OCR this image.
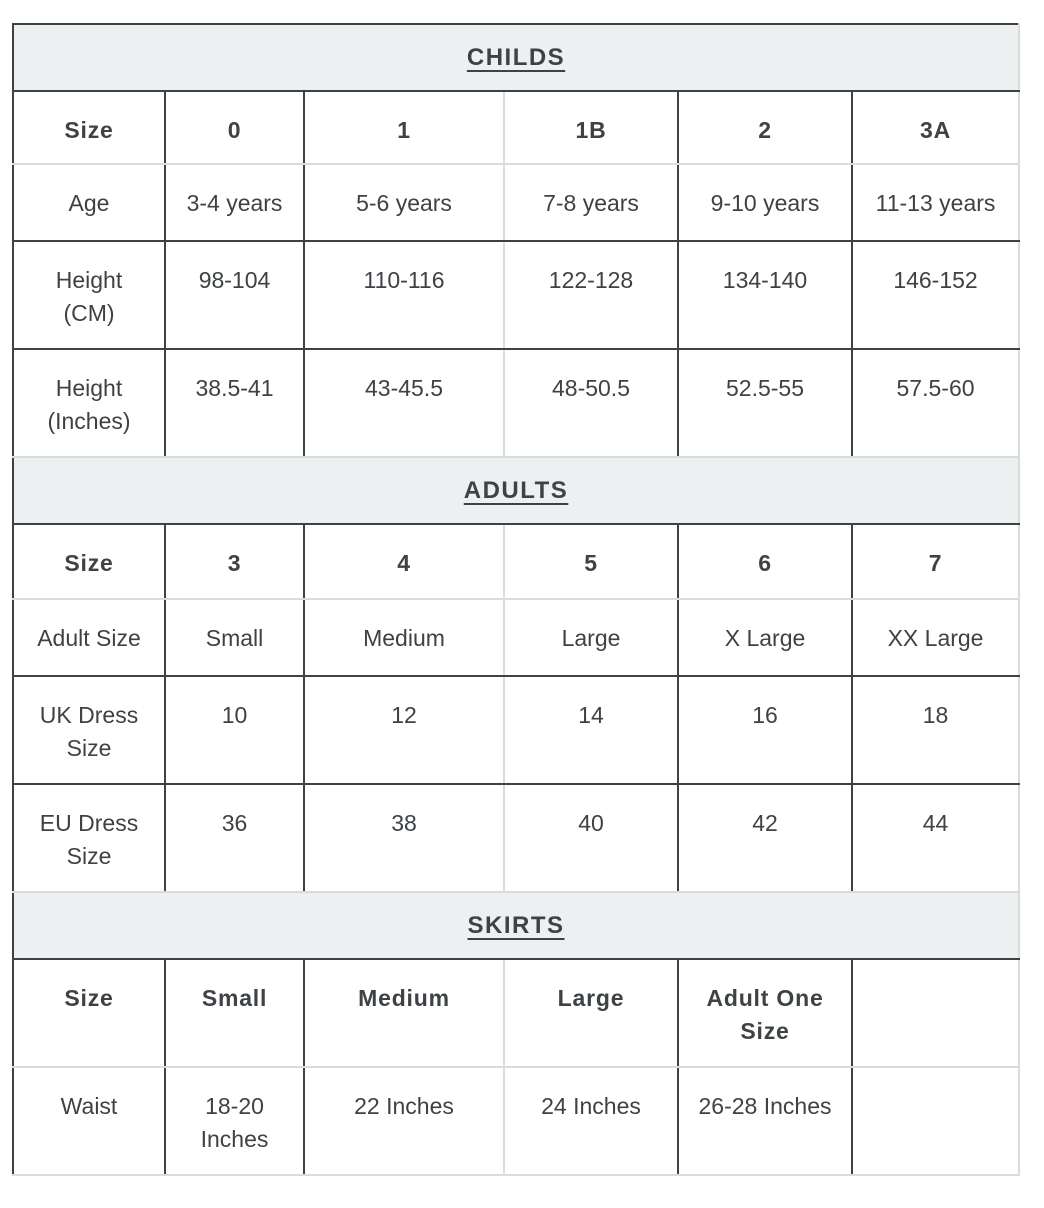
CHILDS					
Size	0	1	1B	2	3A
Age	3-4 years	5-6 years	7-8 years	9-10 years	11-13 years
Height (CM)	98-104	110-116	122-128	134-140	146-152
Height (Inches)	38.5-41	43-45.5	48-50.5	52.5-55	57.5-60
ADULTS					
Size	3	4	5	6	7
Adult Size	Small	Medium	Large	X Large	XX Large
UK Dress Size	10	12	14	16	18
EU Dress Size	36	38	40	42	44
SKIRTS					
Size	Small	Medium	Large	Adult One Size	
Waist	18-20 Inches	22 Inches	24 Inches	26-28 Inches	
